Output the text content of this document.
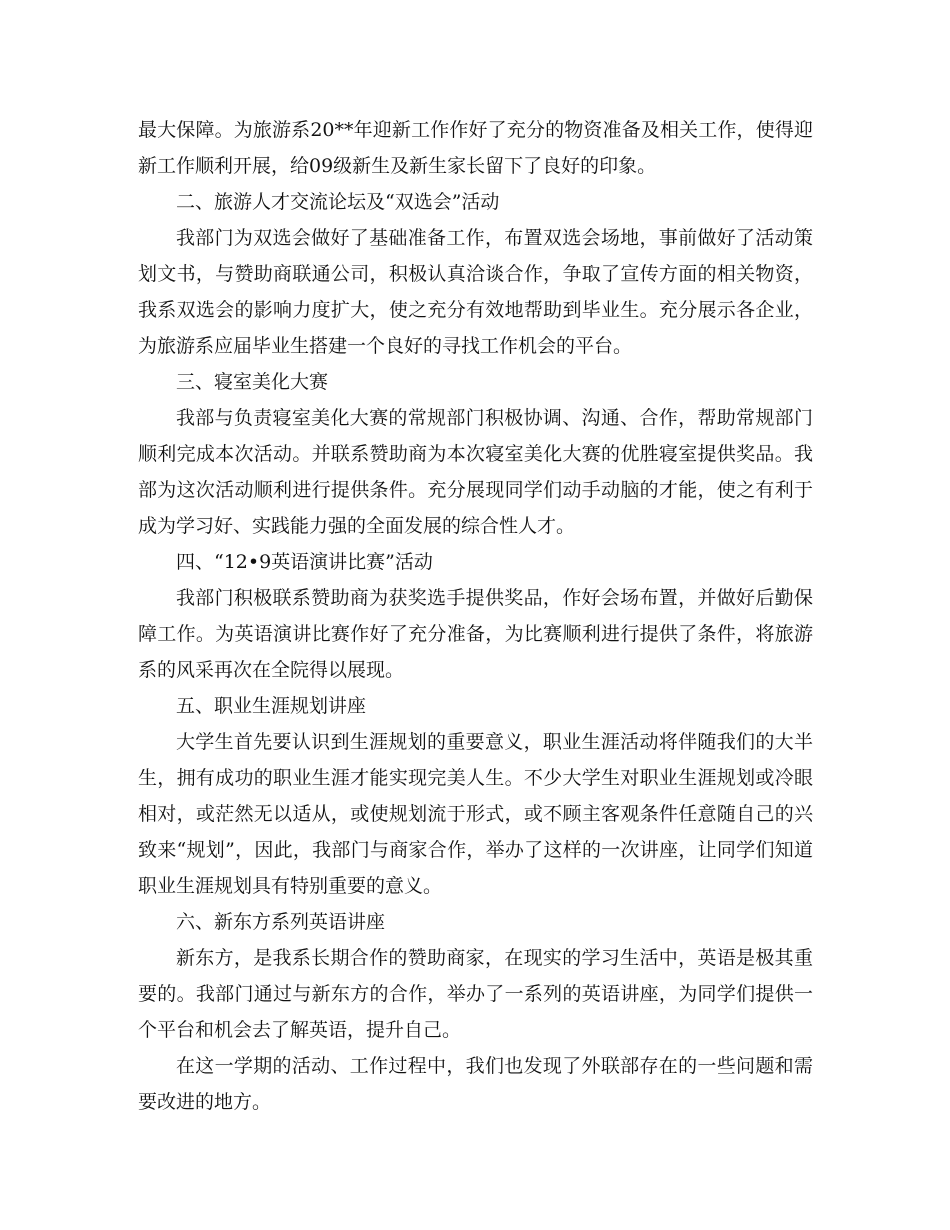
最大保障。为旅游系20**年迎新工作作好了充分的物资准备及相关工作，使得迎新工作顺利开展，给09级新生及新生家长留下了良好的印象。

二、旅游人才交流论坛及“双选会”活动

我部门为双选会做好了基础准备工作，布置双选会场地，事前做好了活动策划文书，与赞助商联通公司，积极认真洽谈合作，争取了宣传方面的相关物资，我系双选会的影响力度扩大，使之充分有效地帮助到毕业生。充分展示各企业，为旅游系应届毕业生搭建一个良好的寻找工作机会的平台。

三、寝室美化大赛

我部与负责寝室美化大赛的常规部门积极协调、沟通、合作，帮助常规部门顺利完成本次活动。并联系赞助商为本次寝室美化大赛的优胜寝室提供奖品。我部为这次活动顺利进行提供条件。充分展现同学们动手动脑的才能，使之有利于成为学习好、实践能力强的全面发展的综合性人才。

四、“12•9英语演讲比赛”活动

我部门积极联系赞助商为获奖选手提供奖品，作好会场布置，并做好后勤保障工作。为英语演讲比赛作好了充分准备，为比赛顺利进行提供了条件，将旅游系的风采再次在全院得以展现。

五、职业生涯规划讲座

大学生首先要认识到生涯规划的重要意义，职业生涯活动将伴随我们的大半生，拥有成功的职业生涯才能实现完美人生。不少大学生对职业生涯规划或冷眼相对，或茫然无以适从，或使规划流于形式，或不顾主客观条件任意随自己的兴致来“规划”，因此，我部门与商家合作，举办了这样的一次讲座，让同学们知道职业生涯规划具有特别重要的意义。

六、新东方系列英语讲座

新东方，是我系长期合作的赞助商家，在现实的学习生活中，英语是极其重要的。我部门通过与新东方的合作，举办了一系列的英语讲座，为同学们提供一个平台和机会去了解英语，提升自己。

在这一学期的活动、工作过程中，我们也发现了外联部存在的一些问题和需要改进的地方。
